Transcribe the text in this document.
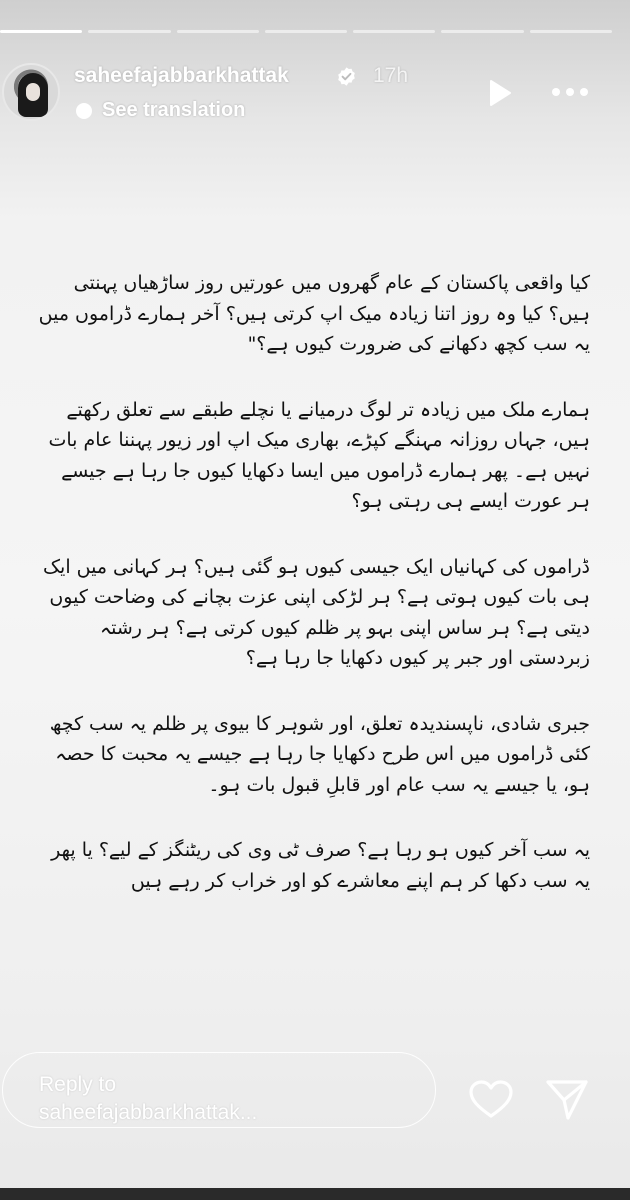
saheefajabbarkhattak	17h
See translation

کیا واقعی پاکستان کے عام گھروں میں عورتیں روز ساڑھیاں پہنتی ہیں؟ کیا وہ روز اتنا زیادہ میک اپ کرتی ہیں؟ آخر ہمارے ڈراموں میں یہ سب کچھ دکھانے کی ضرورت کیوں ہے؟"

ہمارے ملک میں زیادہ تر لوگ درمیانے یا نچلے طبقے سے تعلق رکھتے ہیں، جہاں روزانہ مہنگے کپڑے، بھاری میک اپ اور زیور پہننا عام بات نہیں ہے۔ پھر ہمارے ڈراموں میں ایسا دکھایا کیوں جا رہا ہے جیسے ہر عورت ایسے ہی رہتی ہو؟

ڈراموں کی کہانیاں ایک جیسی کیوں ہو گئی ہیں؟ ہر کہانی میں ایک ہی بات کیوں ہوتی ہے؟ ہر لڑکی اپنی عزت بچانے کی وضاحت کیوں دیتی ہے؟ ہر ساس اپنی بہو پر ظلم کیوں کرتی ہے؟ ہر رشتہ زبردستی اور جبر پر کیوں دکھایا جا رہا ہے؟

جبری شادی، ناپسندیدہ تعلق، اور شوہر کا بیوی پر ظلم یہ سب کچھ کئی ڈراموں میں اس طرح دکھایا جا رہا ہے جیسے یہ محبت کا حصہ ہو، یا جیسے یہ سب عام اور قابلِ قبول بات ہو۔

یہ سب آخر کیوں ہو رہا ہے؟ صرف ٹی وی کی ریٹنگز کے لیے؟ یا پھر یہ سب دکھا کر ہم اپنے معاشرے کو اور خراب کر رہے ہیں

Reply to
saheefajabbarkhattak...
